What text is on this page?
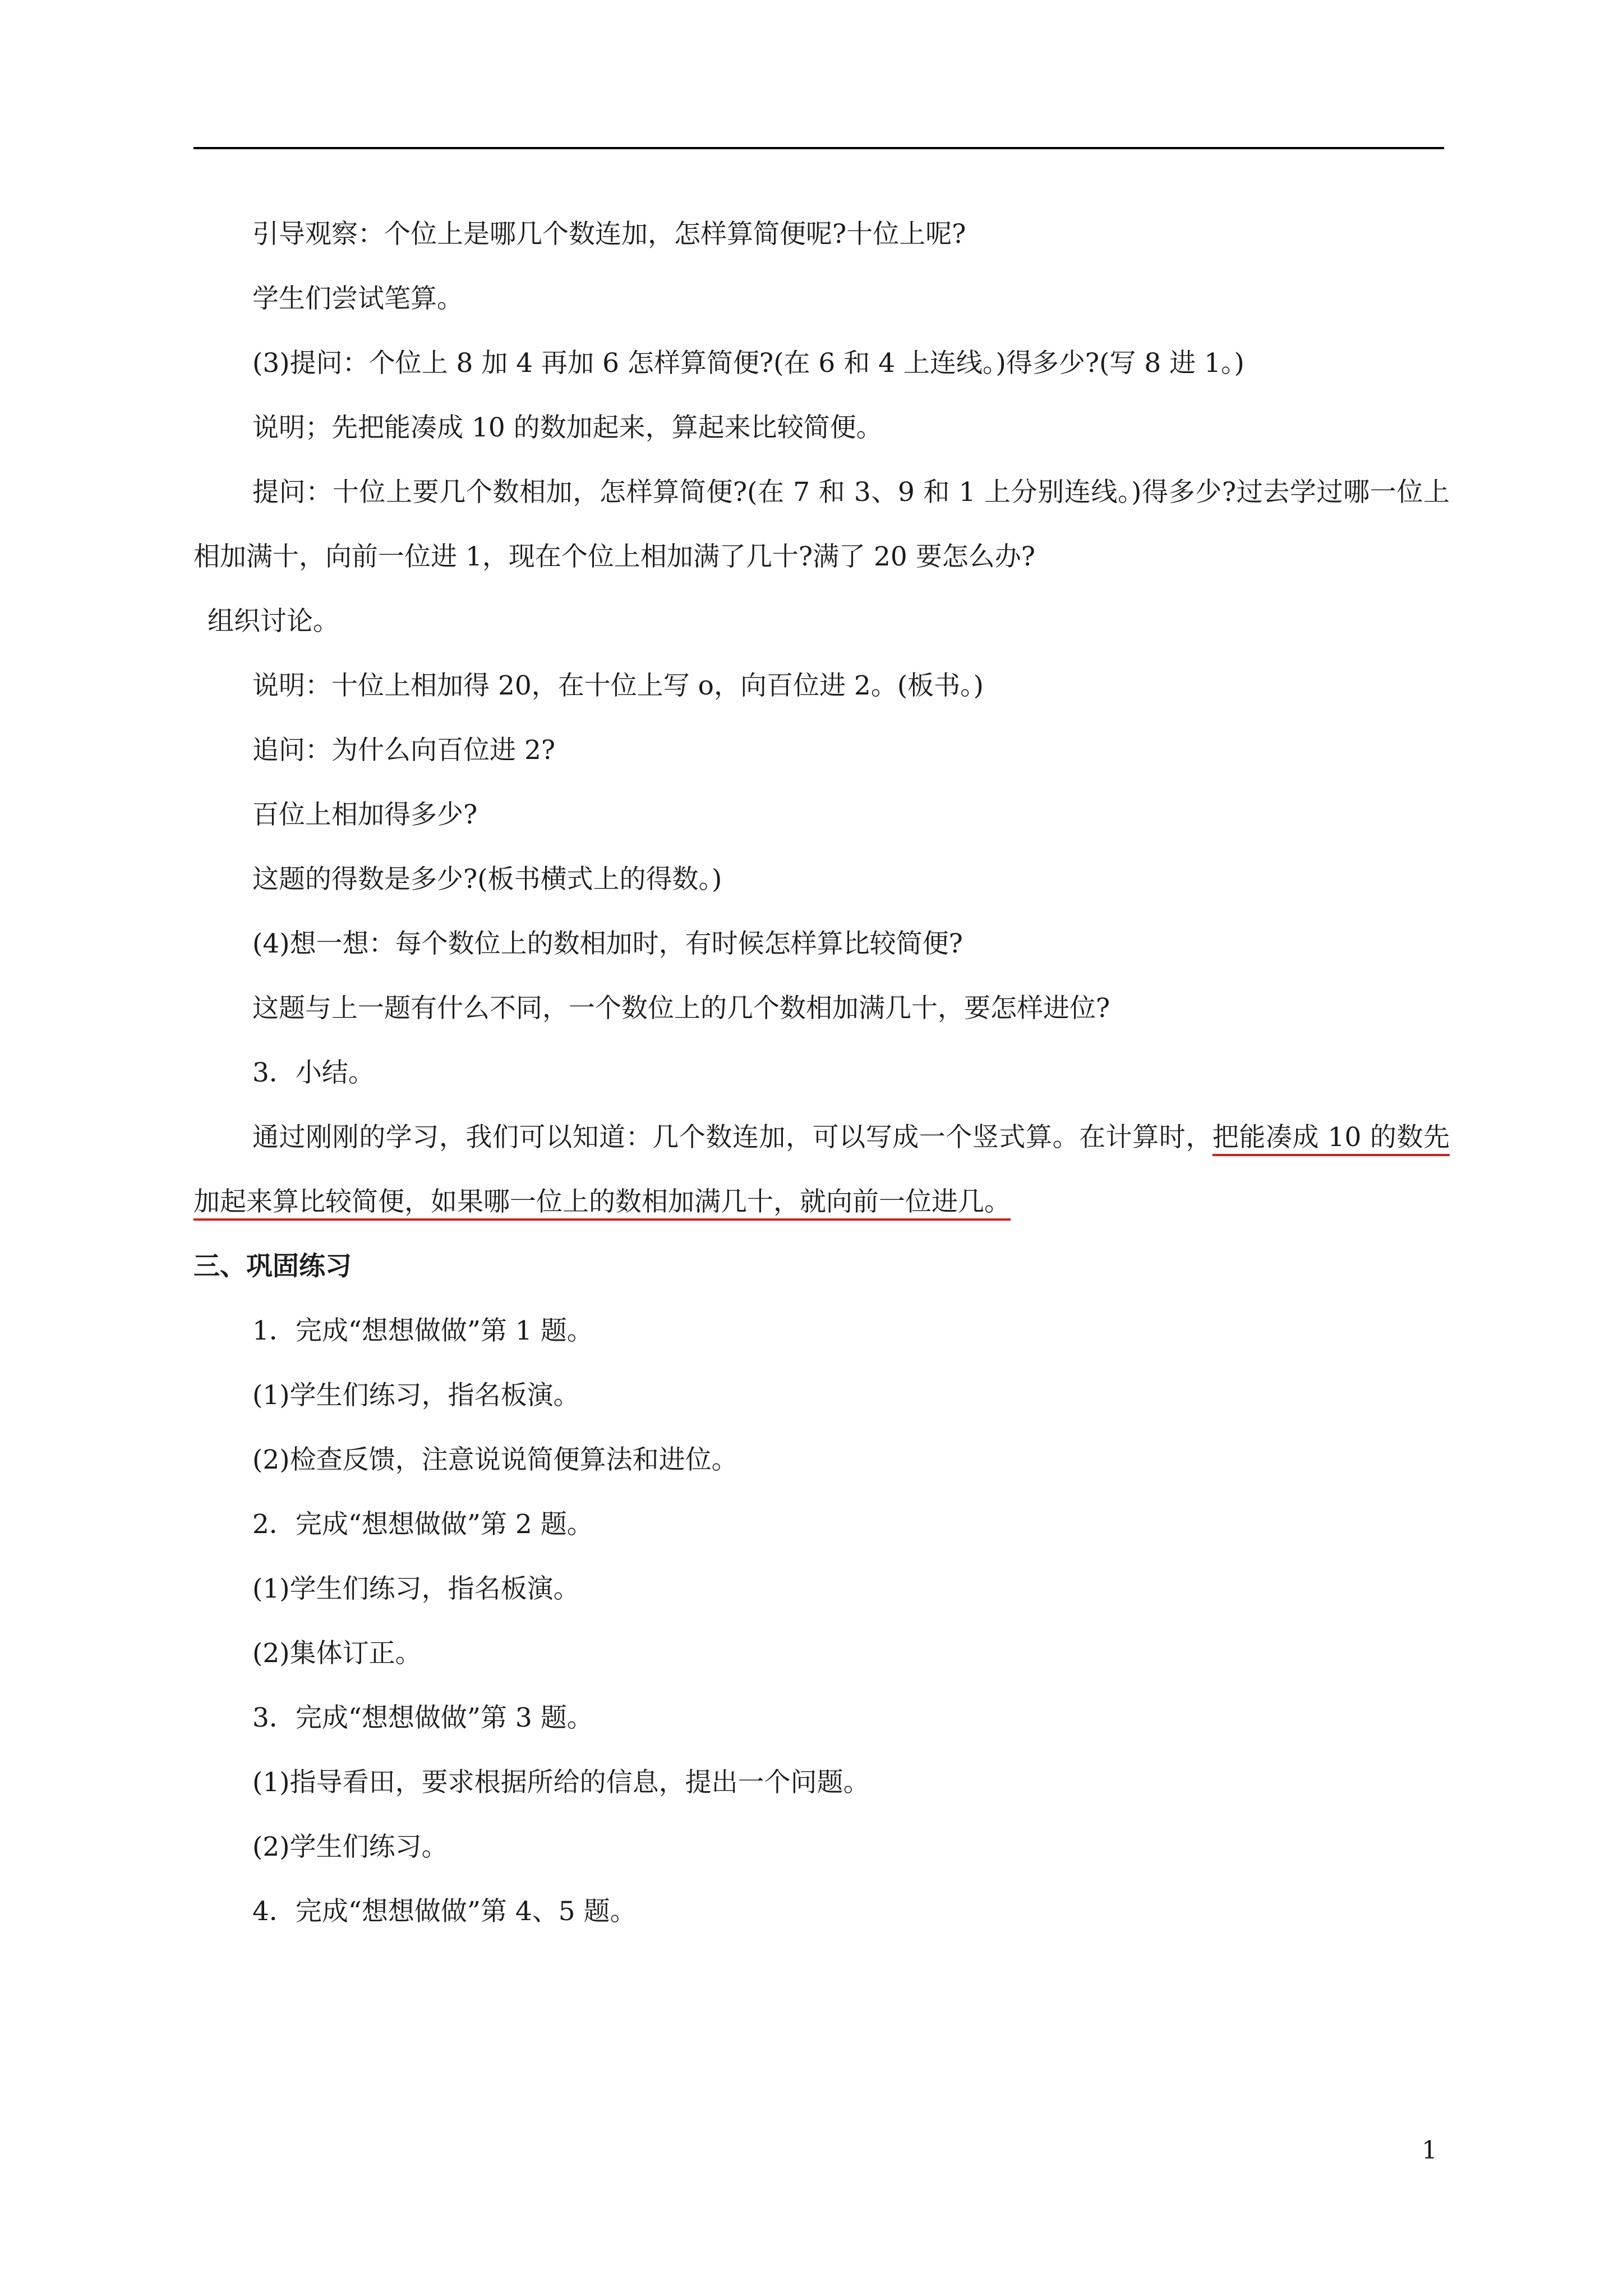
引导观察：个位上是哪几个数连加，怎样算简便呢?十位上呢?

学生们尝试笔算。

(3)提问：个位上 8 加 4 再加 6 怎样算简便?(在 6 和 4 上连线。)得多少?(写 8 进 1。)

说明；先把能凑成 10 的数加起来，算起来比较简便。

提问：十位上要几个数相加，怎样算简便?(在 7 和 3、9 和 1 上分别连线。)得多少?过去学过哪一位上相加满十，向前一位进 1，现在个位上相加满了几十?满了 20 要怎么办?

组织讨论。

说明：十位上相加得 20，在十位上写 o，向百位进 2。(板书。)

追问：为什么向百位进 2?

百位上相加得多少?

这题的得数是多少?(板书横式上的得数。)

(4)想一想：每个数位上的数相加时，有时候怎样算比较简便?

这题与上一题有什么不同，一个数位上的几个数相加满几十，要怎样进位?

3．小结。

通过刚刚的学习，我们可以知道：几个数连加，可以写成一个竖式算。在计算时，把能凑成 10 的数先加起来算比较简便，如果哪一位上的数相加满几十，就向前一位进几。

三、巩固练习

1．完成“想想做做”第 1 题。

(1)学生们练习，指名板演。

(2)检查反馈，注意说说简便算法和进位。

2．完成“想想做做”第 2 题。

(1)学生们练习，指名板演。

(2)集体订正。

3．完成“想想做做”第 3 题。

(1)指导看田，要求根据所给的信息，提出一个问题。

(2)学生们练习。

4．完成“想想做做”第 4、5 题。

1
